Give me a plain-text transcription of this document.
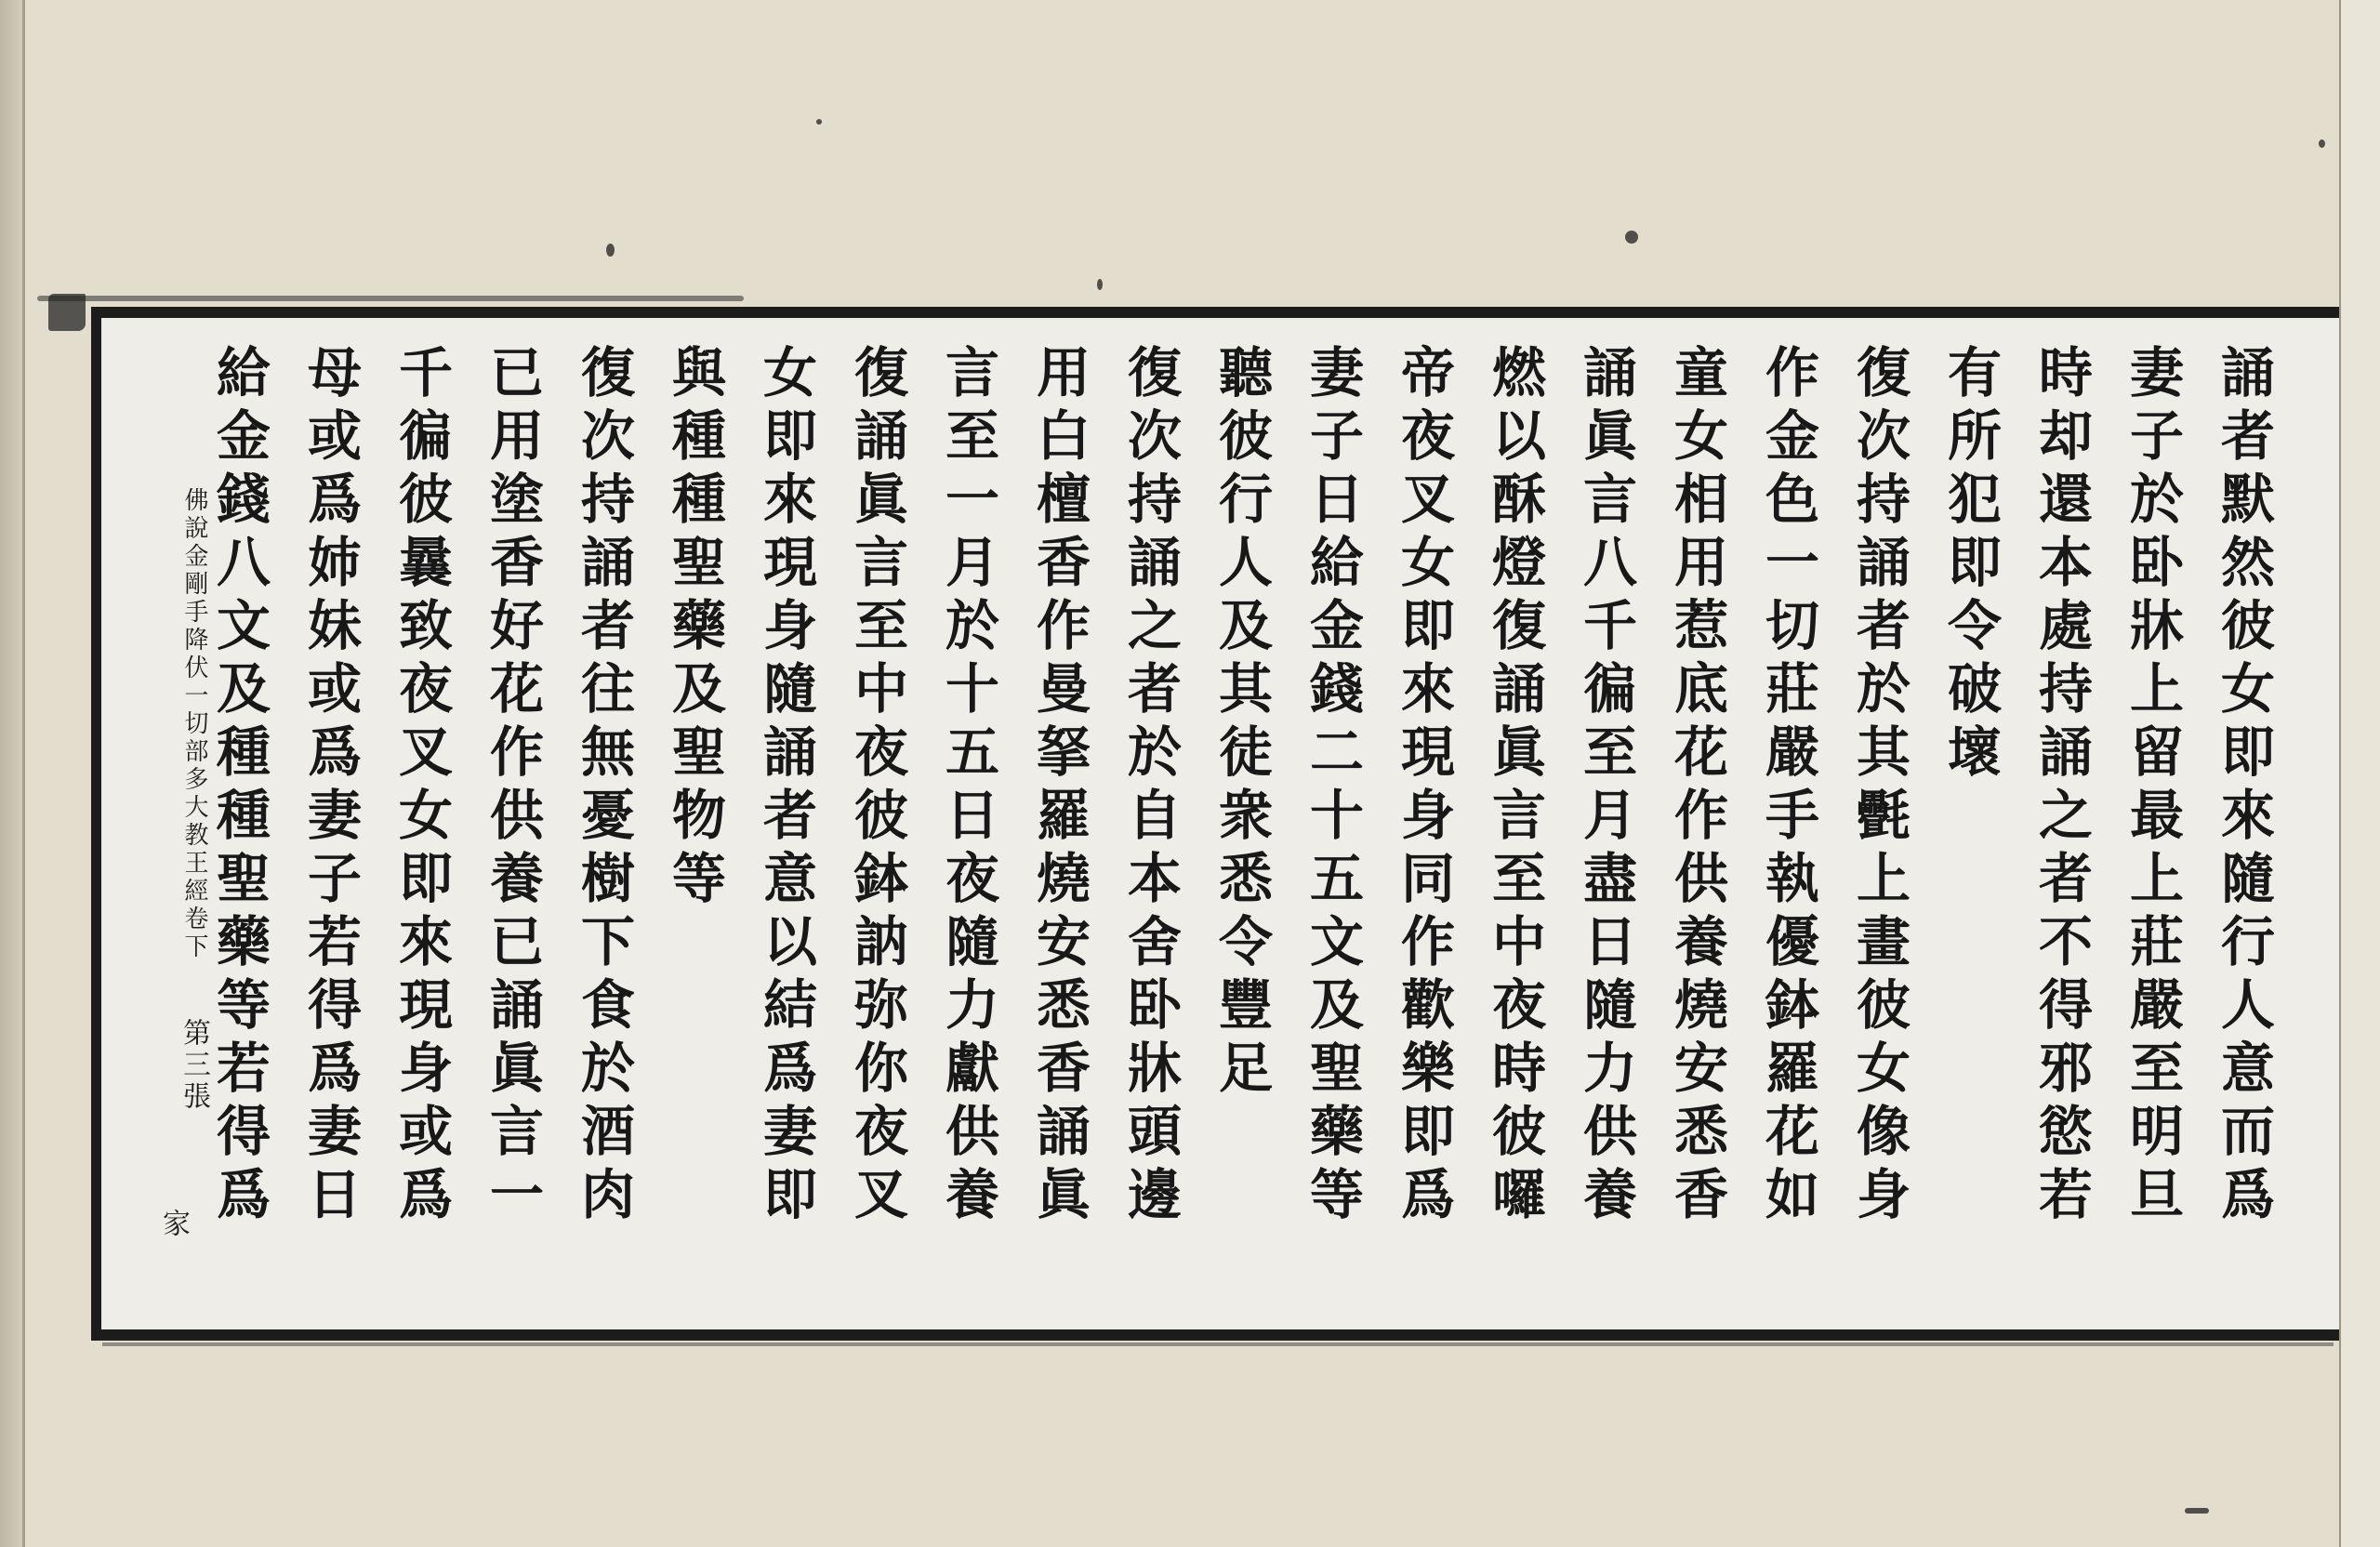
誦者默然彼女即來隨行人意而爲
妻子於卧牀上留最上莊嚴至明旦
時却還本處持誦之者不得邪慾若
有所犯即令破壞
復次持誦者於其㲲上畫彼女像身
作金色一切莊嚴手執優鉢羅花如
童女相用惹底花作供養燒安悉香
誦眞言八千徧至月盡日隨力供養
燃以酥燈復誦眞言至中夜時彼囉
帝夜叉女即來現身同作歡樂即爲
妻子日給金錢二十五文及聖藥等
聽彼行人及其徒衆悉令豐足
復次持誦之者於自本舍卧牀頭邊
用白檀香作曼拏羅燒安悉香誦眞
言至一月於十五日夜隨力獻供養
復誦眞言至中夜彼鉢訥弥你夜叉
女即來現身隨誦者意以結爲妻即
與種種聖藥及聖物等
復次持誦者往無憂樹下食於酒肉
已用塗香好花作供養已誦眞言一
千徧彼曩致夜叉女即來現身或爲
母或爲姉妹或爲妻子若得爲妻日
給金錢八文及種種聖藥等若得爲
佛說金剛手降伏一切部多大教王經卷下
第三張
家
